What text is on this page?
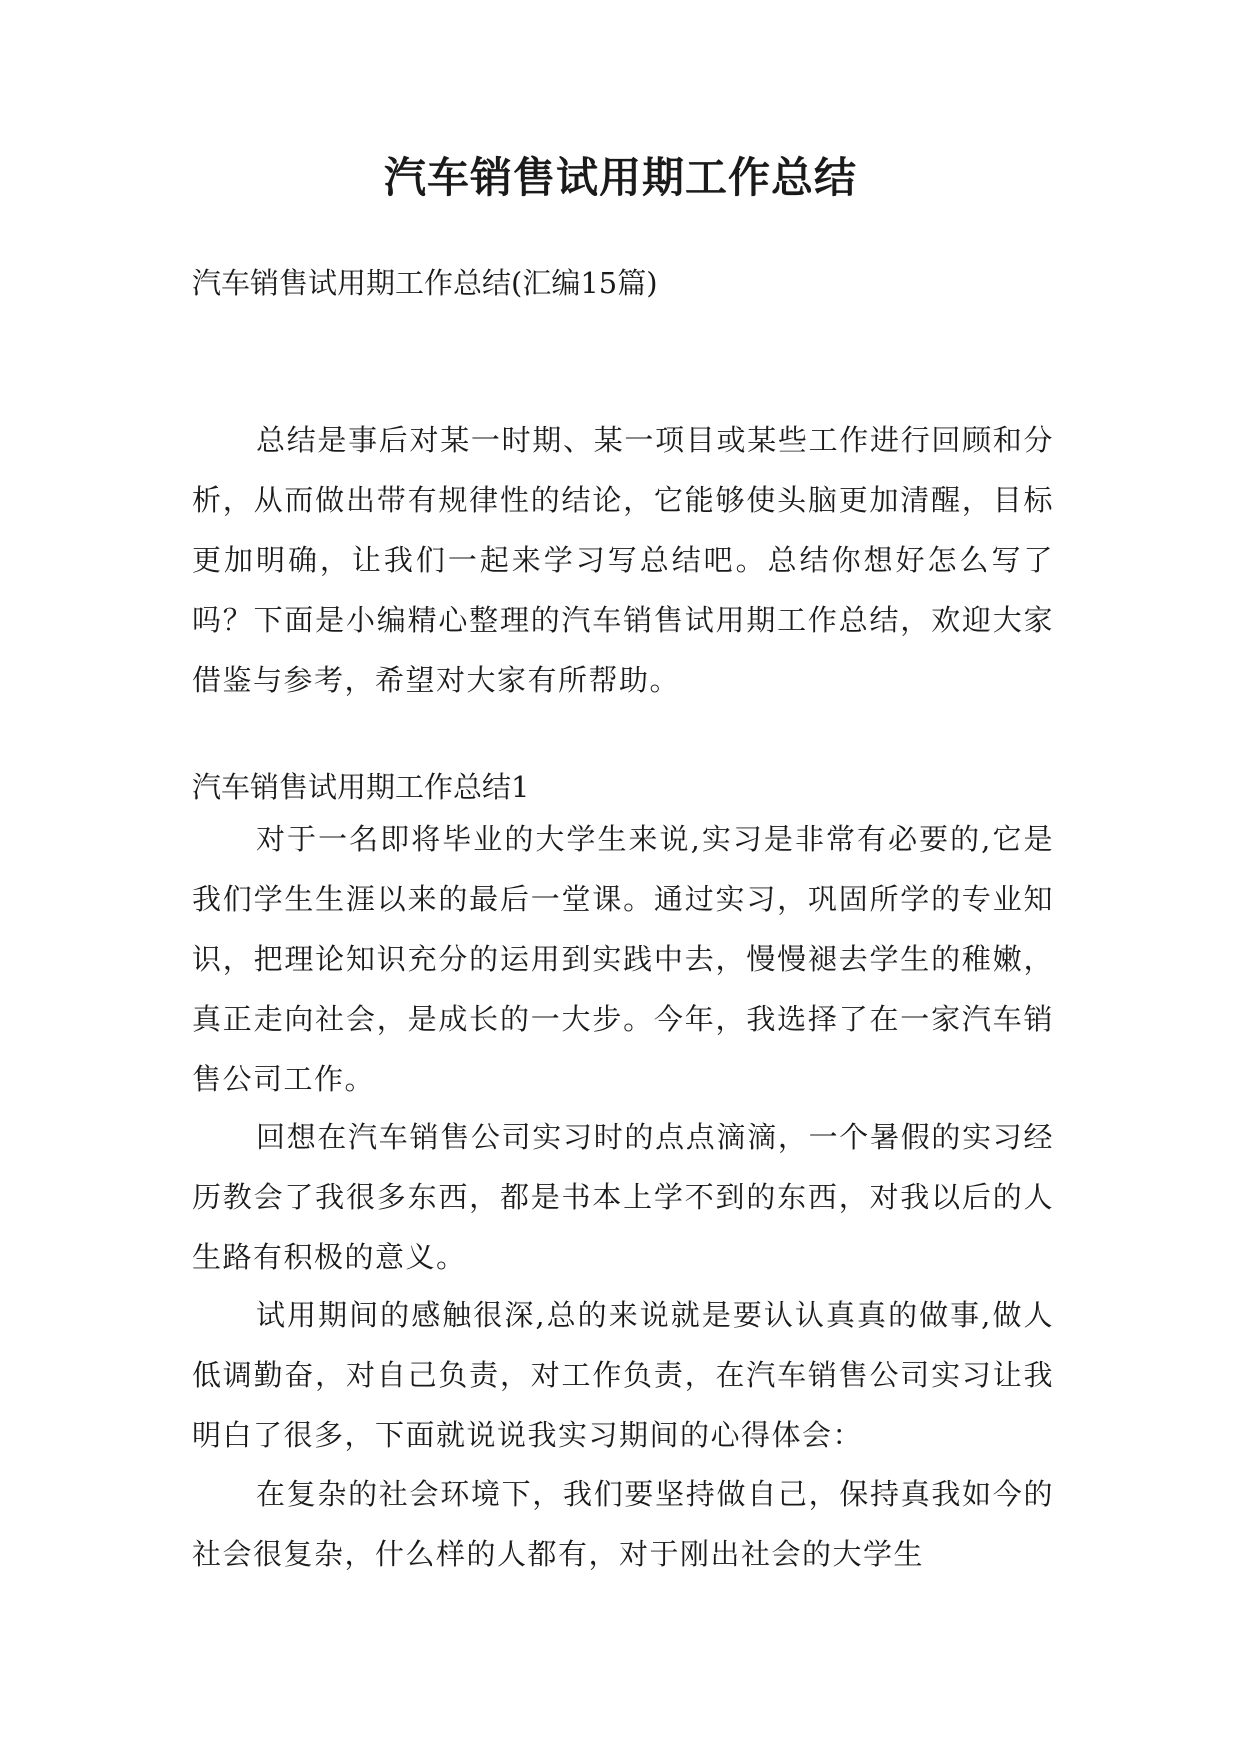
汽车销售试用期工作总结

汽车销售试用期工作总结(汇编15篇)

总结是事后对某一时期、某一项目或某些工作进行回顾和分析，从而做出带有规律性的结论，它能够使头脑更加清醒，目标更加明确，让我们一起来学习写总结吧。总结你想好怎么写了吗？下面是小编精心整理的汽车销售试用期工作总结，欢迎大家借鉴与参考，希望对大家有所帮助。

汽车销售试用期工作总结1

对于一名即将毕业的大学生来说,实习是非常有必要的,它是我们学生生涯以来的最后一堂课。通过实习，巩固所学的专业知识，把理论知识充分的运用到实践中去，慢慢褪去学生的稚嫩，真正走向社会，是成长的一大步。今年，我选择了在一家汽车销售公司工作。

回想在汽车销售公司实习时的点点滴滴，一个暑假的实习经历教会了我很多东西，都是书本上学不到的东西，对我以后的人生路有积极的意义。

试用期间的感触很深,总的来说就是要认认真真的做事,做人低调勤奋，对自己负责，对工作负责，在汽车销售公司实习让我明白了很多，下面就说说我实习期间的心得体会：

在复杂的社会环境下，我们要坚持做自己，保持真我如今的社会很复杂，什么样的人都有，对于刚出社会的大学生
